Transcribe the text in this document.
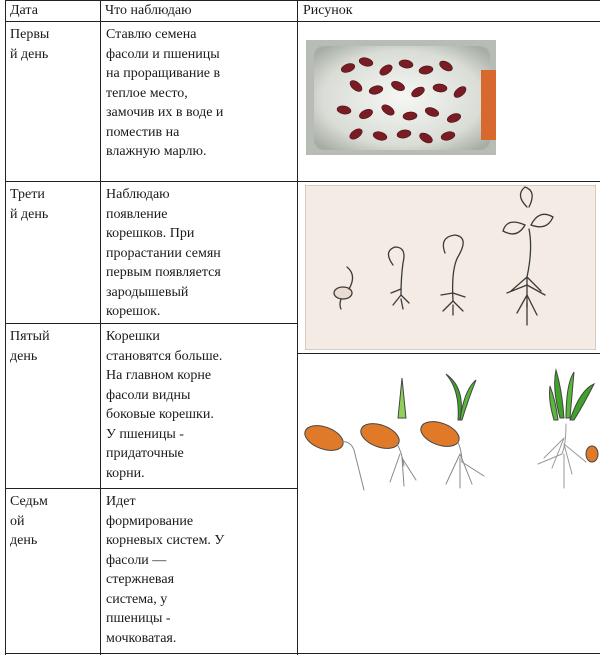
Дата	Что наблюдаю	Рисунок
Первы
й день
Ставлю семена
фасоли и пшеницы
на проращивание в
теплое место,
замочив их в воде и
поместив на
влажную марлю.
Трети
й день
Наблюдаю
появление
корешков. При
прорастании семян
первым появляется
зародышевый
корешок.
Пятый
день
Корешки
становятся больше.
На главном корне
фасоли видны
боковые корешки.
У пшеницы -
придаточные
корни.
Седьм
ой
день
Идет
формирование
корневых систем. У
фасоли —
стержневая
система, у
пшеницы -
мочковатая.
